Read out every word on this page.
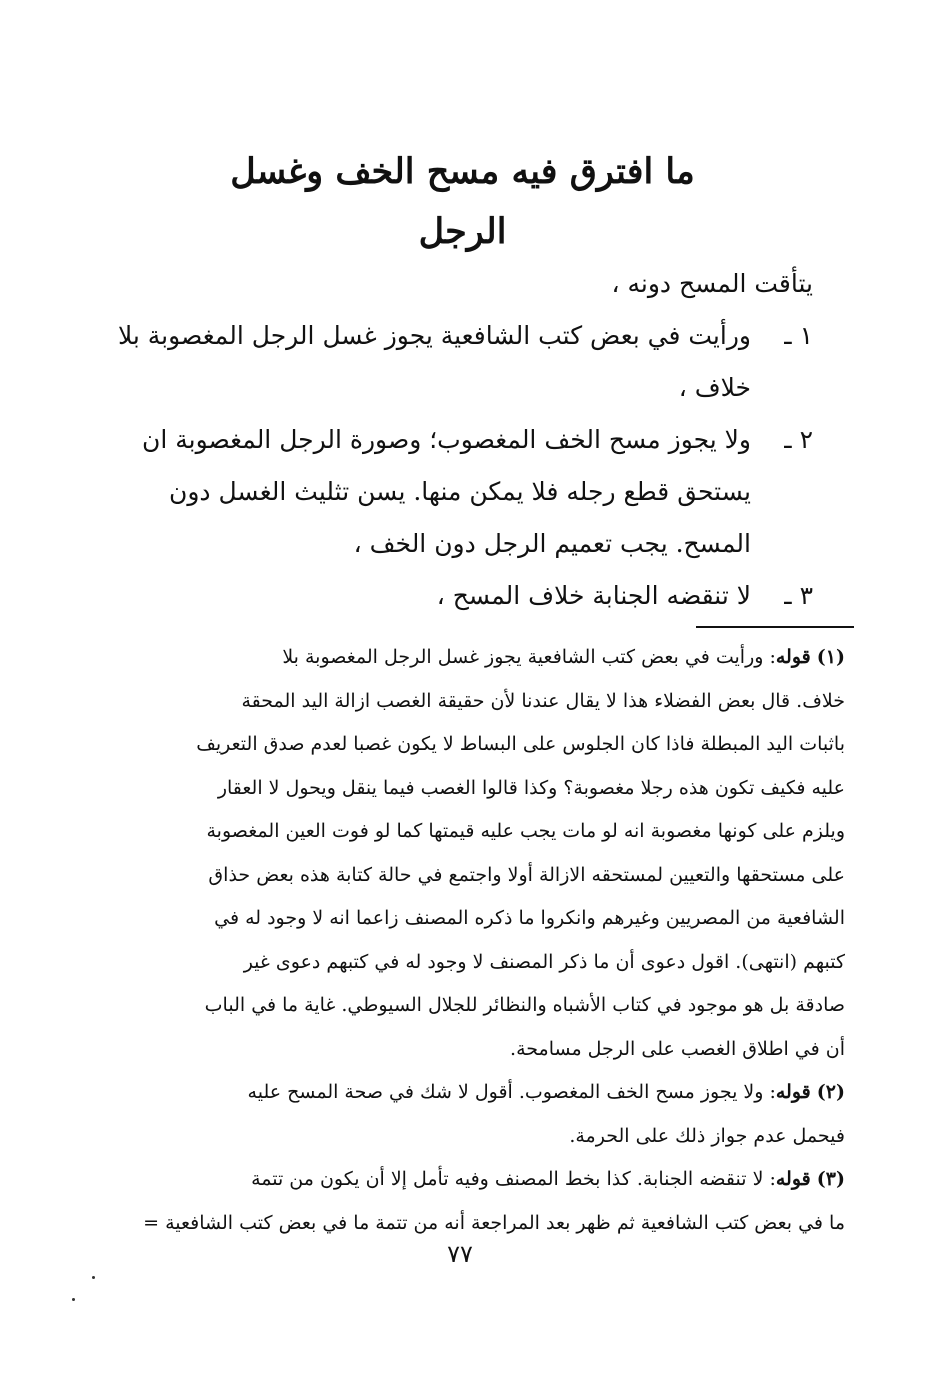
ما افترق فيه مسح الخف وغسل الرجل
يتأقت المسح دونه ،
١ ـورأيت في بعض كتب الشافعية يجوز غسل الرجل المغصوبة بلا
خلاف ،
٢ ـولا يجوز مسح الخف المغصوب؛ وصورة الرجل المغصوبة ان
يستحق قطع رجله فلا يمكن منها. يسن تثليث الغسل دون
المسح. يجب تعميم الرجل دون الخف ،
٣ ـلا تنقضه الجنابة خلاف المسح ،
(١) قوله: ورأيت في بعض كتب الشافعية يجوز غسل الرجل المغصوبة بلا
خلاف. قال بعض الفضلاء هذا لا يقال عندنا لأن حقيقة الغصب ازالة اليد المحقة
باثبات اليد المبطلة فاذا كان الجلوس على البساط لا يكون غصبا لعدم صدق التعريف
عليه فكيف تكون هذه رجلا مغصوبة؟ وكذا قالوا الغصب فيما ينقل ويحول لا العقار
ويلزم على كونها مغصوبة انه لو مات يجب عليه قيمتها كما لو فوت العين المغصوبة
على مستحقها والتعيين لمستحقه الازالة أولا واجتمع في حالة كتابة هذه بعض حذاق
الشافعية من المصريين وغيرهم وانكروا ما ذكره المصنف زاعما انه لا وجود له في
كتبهم (انتهى). اقول دعوى أن ما ذكر المصنف لا وجود له في كتبهم دعوى غير
صادقة بل هو موجود في كتاب الأشباه والنظائر للجلال السيوطي. غاية ما في الباب
أن في اطلاق الغصب على الرجل مسامحة.
(٢) قوله: ولا يجوز مسح الخف المغصوب. أقول لا شك في صحة المسح عليه
فيحمل عدم جواز ذلك على الحرمة.
(٣) قوله: لا تنقضه الجنابة. كذا بخط المصنف وفيه تأمل إلا أن يكون من تتمة
ما في بعض كتب الشافعية ثم ظهر بعد المراجعة أنه من تتمة ما في بعض كتب الشافعية =
٧٧
